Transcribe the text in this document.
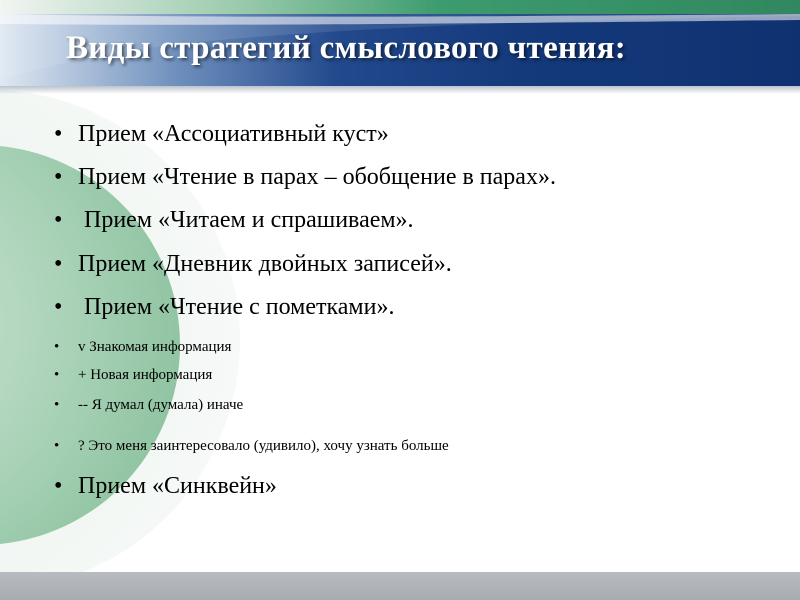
Виды стратегий смыслового чтения:
• Прием «Ассоциативный куст»
• Прием «Чтение в парах – обобщение в парах».
• Прием «Читаем и спрашиваем».
• Прием «Дневник двойных записей».
• Прием «Чтение с пометками».
• v Знакомая информация
• + Новая информация
• -- Я думал (думала) иначе
• ? Это меня заинтересовало (удивило), хочу узнать больше
• Прием «Синквейн»
